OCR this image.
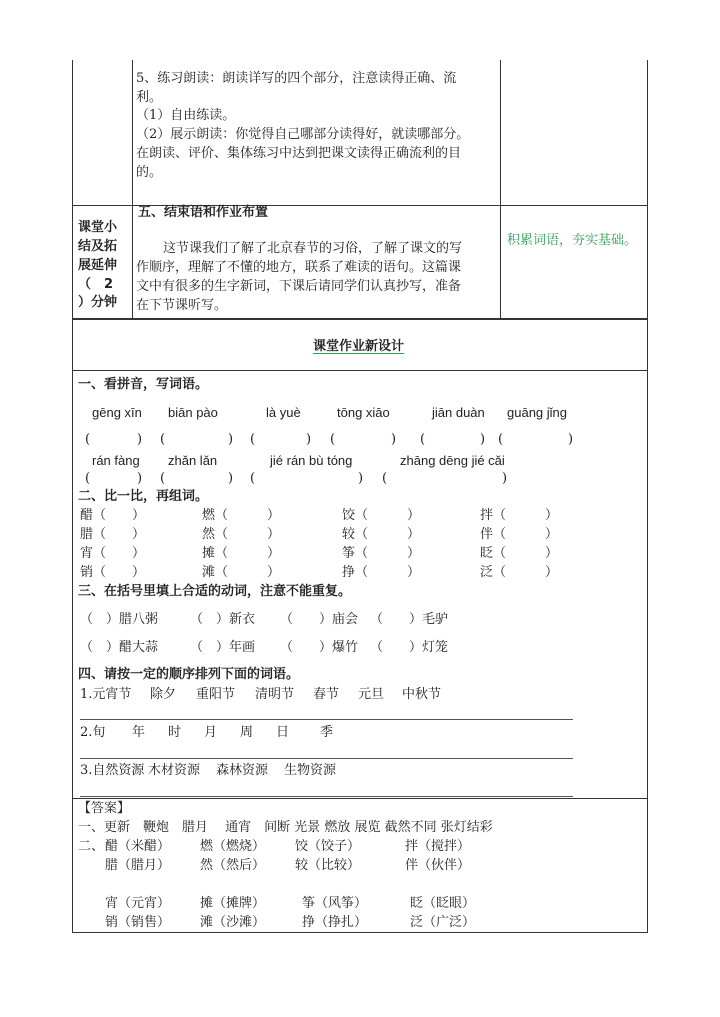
5、练习朗读：朗读详写的四个部分，注意读得正确、流
利。
（1）自由练读。
（2）展示朗读：你觉得自己哪部分读得好，就读哪部分。
在朗读、评价、集体练习中达到把课文读得正确流利的目
的。
课堂小
结及拓
展延伸
（　2
）分钟
五、结束语和作业布置
这节课我们了解了北京春节的习俗，了解了课文的写
作顺序，理解了不懂的地方，联系了难读的语句。这篇课
文中有很多的生字新词，下课后请同学们认真抄写，准备
在下节课听写。
积累词语，夯实基础。
课堂作业新设计
一、看拼音，写词语。
gēng xīn biān pào	là yuè	tōng xiāo	jiān duàn guāng jǐng
(	) (	) (	) (	) (	) (	)
rán fàng zhǎn lǎn	jié rán bù tóng	zhāng dēng jié cǎi
(	) (	) (	) (	)
二、比一比，再组词。
醋（　　）	燃（　　　）	饺（　　　）	拌（　　　）
腊（　　）	然（　　　）	较（　　　）	伴（　　　）
宵（　　）	摊（　　　）	筝（　　　）	眨（　　　）
销（　　）	滩（　　　）	挣（　　　）	泛（　　　）
三、在括号里填上合适的动词，注意不能重复。
（　）腊八粥 （　）新衣 （　　）庙会 （　　）毛驴
（　）醋大蒜 （　）年画 （　　）爆竹 （　　）灯笼
四、请按一定的顺序排列下面的词语。
1.元宵节 除夕 重阳节 清明节 春节 元旦 中秋节
2.旬 年 时 月 周 日 季
3.自然资源 木材资源 森林资源 生物资源
【答案】
一、更新　鞭炮　腊月　 通宵　间断 光景 燃放 展览 截然不同 张灯结彩
二、 醋（米醋） 燃（燃烧） 饺（饺子）	拌（搅拌）
腊（腊月） 然（然后） 较（比较）	伴（伙伴）
宵（元宵） 摊（摊牌）	筝（风筝）	眨（眨眼）
销（销售） 滩（沙滩）	挣（挣扎）	泛（广泛）
